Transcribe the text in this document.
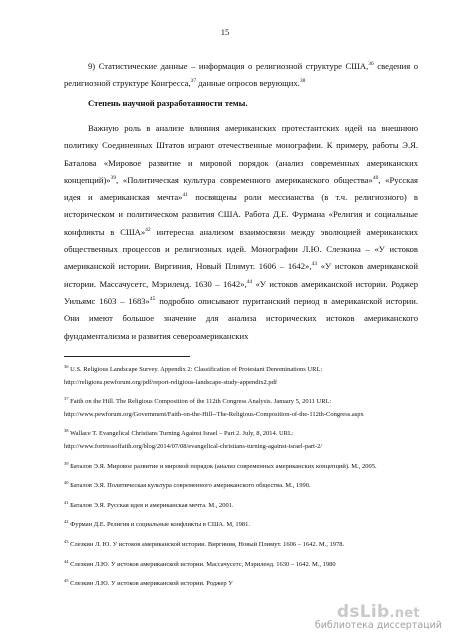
15
9) Статистические данные – информация о религиозной структуре США,$^{36}$ сведения о религиозной структуре Конгресса,$^{37}$ данные опросов верующих.$^{38}$
Степень научной разработанности темы.
Важную роль в анализе влияния американских протестантских идей на внешнюю политику Соединенных Штатов играют отечественные монографии. К примеру, работы Э.Я. Баталова «Мировое развитие и мировой порядок (анализ современных американских концепций)»$^{39}$, «Политическая культура современного американского общества»$^{40}$, «Русская идея и американская мечта»$^{41}$ посвящены роли мессианства (в т.ч. религиозного) в историческом и политическом развития США. Работа Д.Е. Фурмана «Религия и социальные конфликты в США»$^{42}$ интересна анализом взаимосвязи между эволюцией американских общественных процессов и религиозных идей. Монографии Л.Ю. Слезкина – «У истоков американской истории. Виргиния, Новый Плимут. 1606 – 1642»,$^{43}$ «У истоков американской истории. Массачусетс, Мэриленд. 1630 – 1642»,$^{44}$ «У истоков американской истории. Роджер Уильямс 1603 – 1683»$^{45}$ подробно описывают пуританский период в американской истории. Они имеют большое значение для анализа исторических истоков американского фундаментализма и развития североамериканских
$^{36}$ U.S. Religious Landscape Survey. Appendix 2: Classification of Protestant Denominations URL: http://religions.pewforum.org/pdf/report-religious-landscape-study-appendix2.pdf
$^{37}$ Faith on the Hill. The Religious Composition of the 112th Congress Analysis. January 5, 2011 URL: http://www.pewforum.org/Government/Faith-on-the-Hill--The-Religious-Composition-of-the-112th-Congress.aspx
$^{38}$ Wallace T. Evangelical Christians Turning Against Israel – Part 2. July, 8, 2014. URL: http://www.fortressoffaith.org/blog/2014/07/08/evangelical-christians-turning-against-israel-part-2/
$^{39}$ Баталов Э.Я. Мировое развитие и мировой порядок (анализ современных американских концепций). М., 2005.
$^{40}$ Баталов Э.Я. Политическая культура современного американского общества. М., 1990.
$^{41}$ Баталов Э.Я. Русская идея и американская мечта. М., 2001.
$^{42}$ Фурман Д.Е. Религия и социальные конфликты в США. М, 1981.
$^{43}$ Слезкин Л. Ю. У истоков американской истории. Виргиния, Новый Плимут. 1606 – 1642. М., 1978.
$^{44}$ Слезкин Л.Ю. У истоков американской истории. Массачусетс, Мэриленд. 1630 – 1642. М., 1980
$^{45}$ Слезкин Л.Ю. У истоков американской истории. Роджер У
dsLib.net
библиотека диссертаций
